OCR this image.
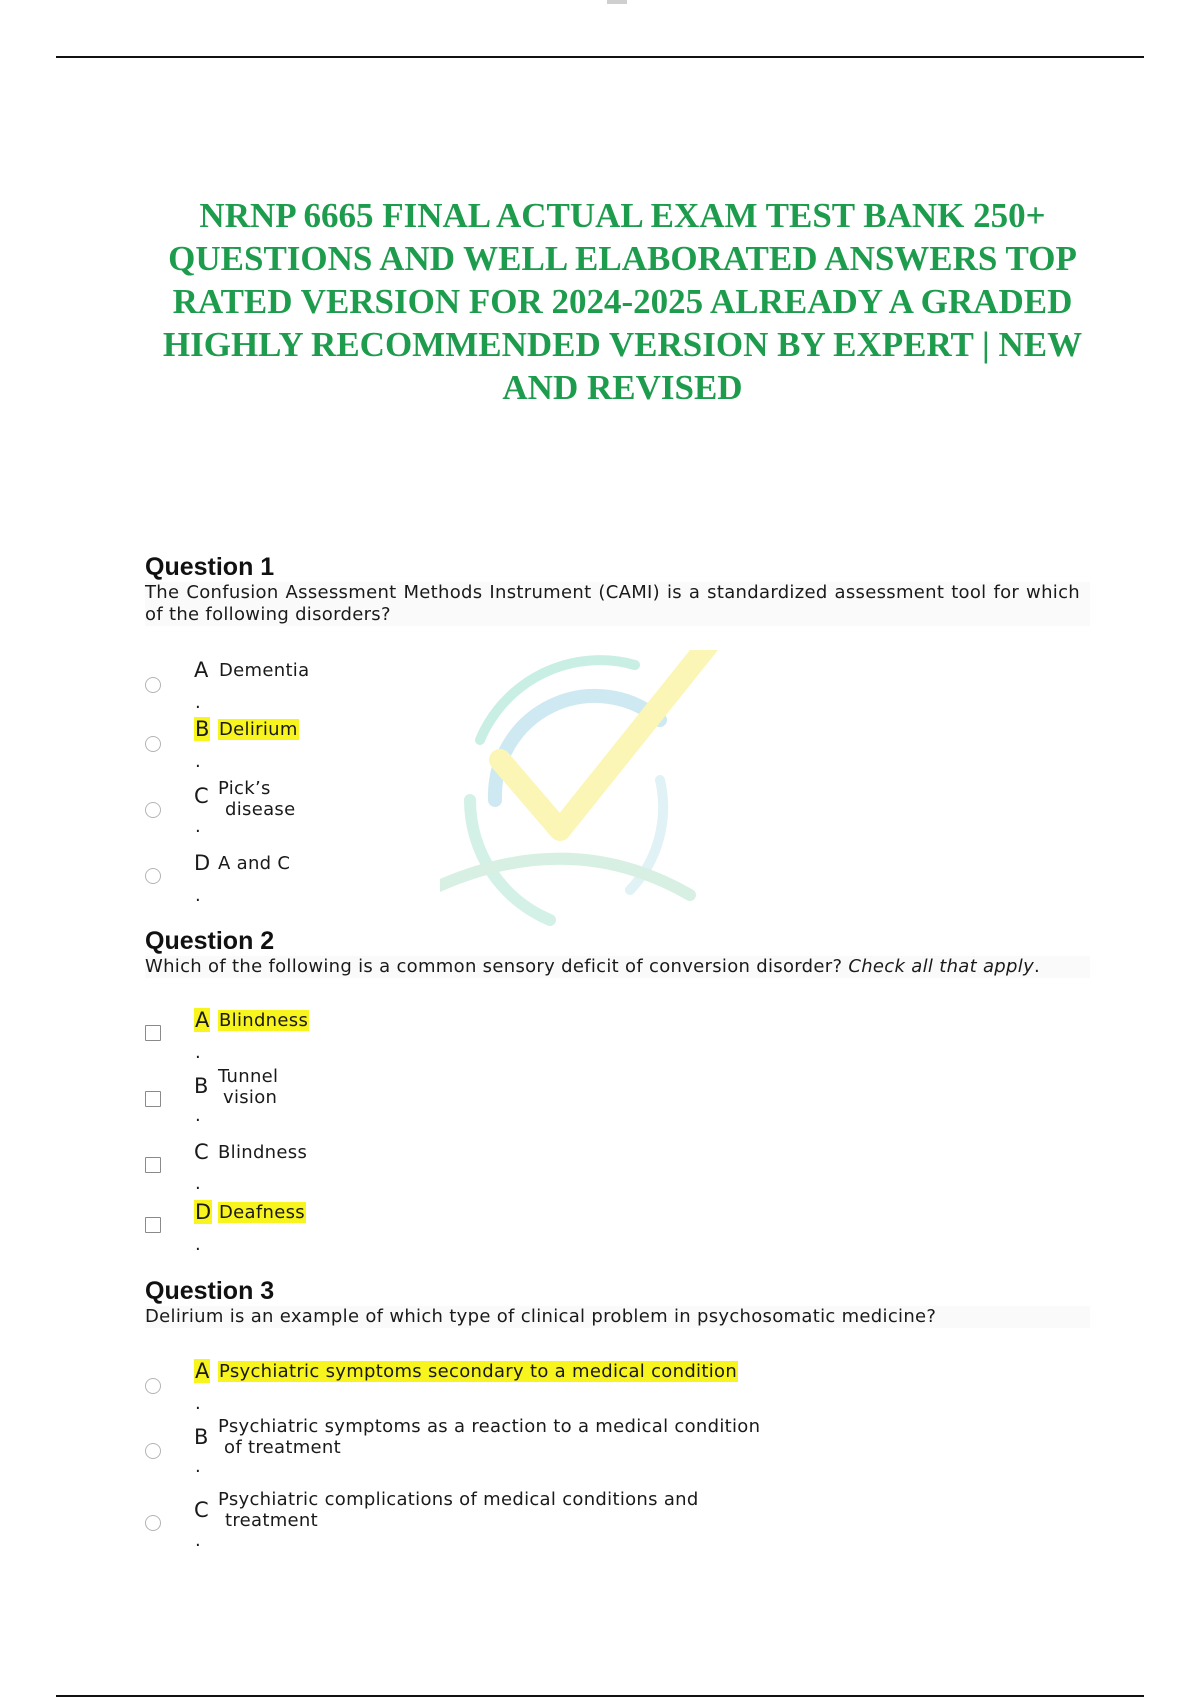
NRNP 6665 FINAL ACTUAL EXAM TEST BANK 250+ QUESTIONS AND WELL ELABORATED ANSWERS TOP RATED VERSION FOR 2024-2025 ALREADY A GRADED HIGHLY RECOMMENDED VERSION BY EXPERT | NEW AND REVISED
Question 1

The Confusion Assessment Methods Instrument (CAMI) is a standardized assessment tool for which of the following disorders?

A
.
Dementia
B
.
Delirium
C
.
Pick’s
disease
D
.
A and C
Question 2

Which of the following is a common sensory deficit of conversion disorder? Check all that apply.

A
.
Blindness
B
.
Tunnel
vision
C
.
Blindness
D
.
Deafness
Question 3

Delirium is an example of which type of clinical problem in psychosomatic medicine?

A
.
Psychiatric symptoms secondary to a medical condition
B
.
Psychiatric symptoms as a reaction to a medical condition
of treatment
C
.
Psychiatric complications of medical conditions and
treatment
